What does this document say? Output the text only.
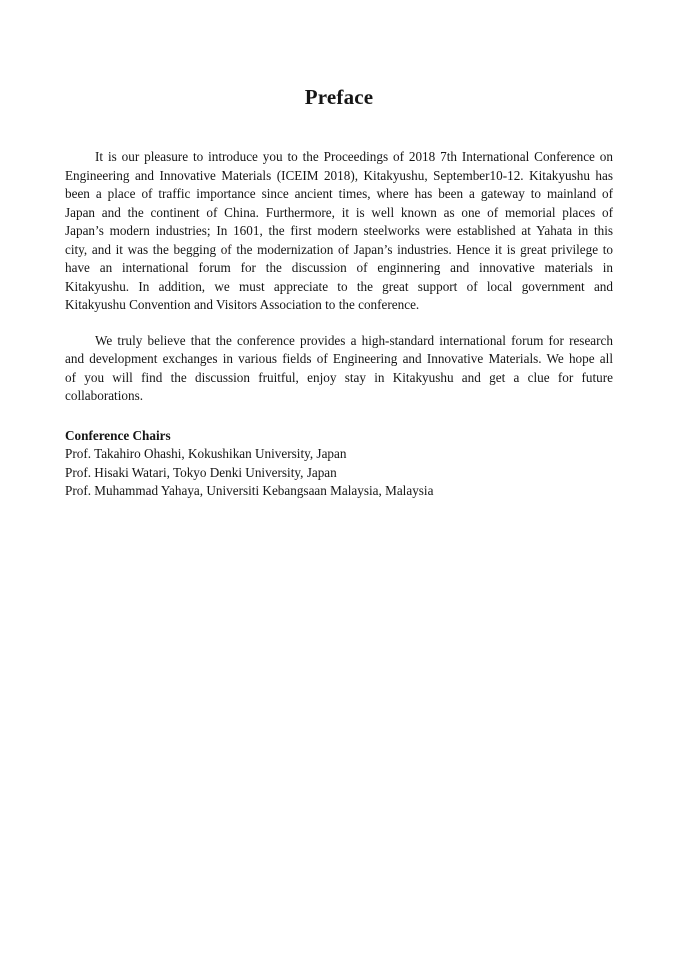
Preface

It is our pleasure to introduce you to the Proceedings of 2018 7th International Conference on
Engineering and Innovative Materials (ICEIM 2018), Kitakyushu, September10-12. Kitakyushu has
been a place of traffic importance since ancient times, where has been a gateway to mainland of
Japan and the continent of China. Furthermore, it is well known as one of memorial places of
Japan’s modern industries; In 1601, the first modern steelworks were established at Yahata in this
city, and it was the begging of the modernization of Japan’s industries. Hence it is great privilege to
have an international forum for the discussion of enginnering and innovative materials in
Kitakyushu. In addition, we must appreciate to the great support of local government and
Kitakyushu Convention and Visitors Association to the conference.

We truly believe that the conference provides a high-standard international forum for research
and development exchanges in various fields of Engineering and Innovative Materials. We hope all
of you will find the discussion fruitful, enjoy stay in Kitakyushu and get a clue for future
collaborations.

Conference Chairs

Prof. Takahiro Ohashi, Kokushikan University, Japan

Prof. Hisaki Watari, Tokyo Denki University, Japan

Prof. Muhammad Yahaya, Universiti Kebangsaan Malaysia, Malaysia
